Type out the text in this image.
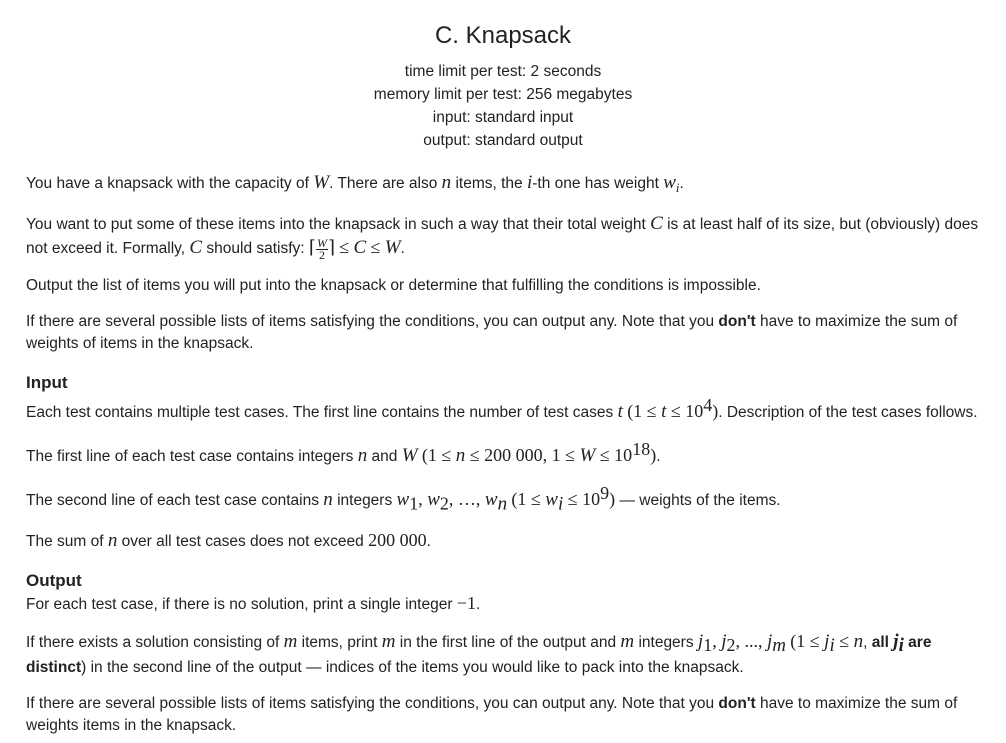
C. Knapsack
time limit per test: 2 seconds
memory limit per test: 256 megabytes
input: standard input
output: standard output

You have a knapsack with the capacity of W. There are also n items, the i-th one has weight $w_i$.

You want to put some of these items into the knapsack in such a way that their total weight C is at least half of its size, but (obviously) does not exceed it. Formally, C should satisfy: ⌈ $\frac{W}{2}$ ⌉ ≤ C ≤ W.

Output the list of items you will put into the knapsack or determine that fulfilling the conditions is impossible.

If there are several possible lists of items satisfying the conditions, you can output any. Note that you don't have to maximize the sum of weights of items in the knapsack.

Input

Each test contains multiple test cases. The first line contains the number of test cases t $(1 \le t \le 10^4)$. Description of the test cases follows.

The first line of each test case contains integers n and W (1 ≤ n ≤ 200 000, $1 \le W \le 10^{18}$).

The second line of each test case contains n integers $w_1$, $w_2$, …, $w_n$ $(1 \le w_i \le 10^9)$ — weights of the items.

The sum of n over all test cases does not exceed 200 000.

Output

For each test case, if there is no solution, print a single integer −1.

If there exists a solution consisting of m items, print m in the first line of the output and m integers $j_1$, $j_2$, ..., $j_m$ ($1 \le j_i \le n$, all $j_i$ are distinct) in the second line of the output — indices of the items you would like to pack into the knapsack.

If there are several possible lists of items satisfying the conditions, you can output any. Note that you don't have to maximize the sum of weights items in the knapsack.
